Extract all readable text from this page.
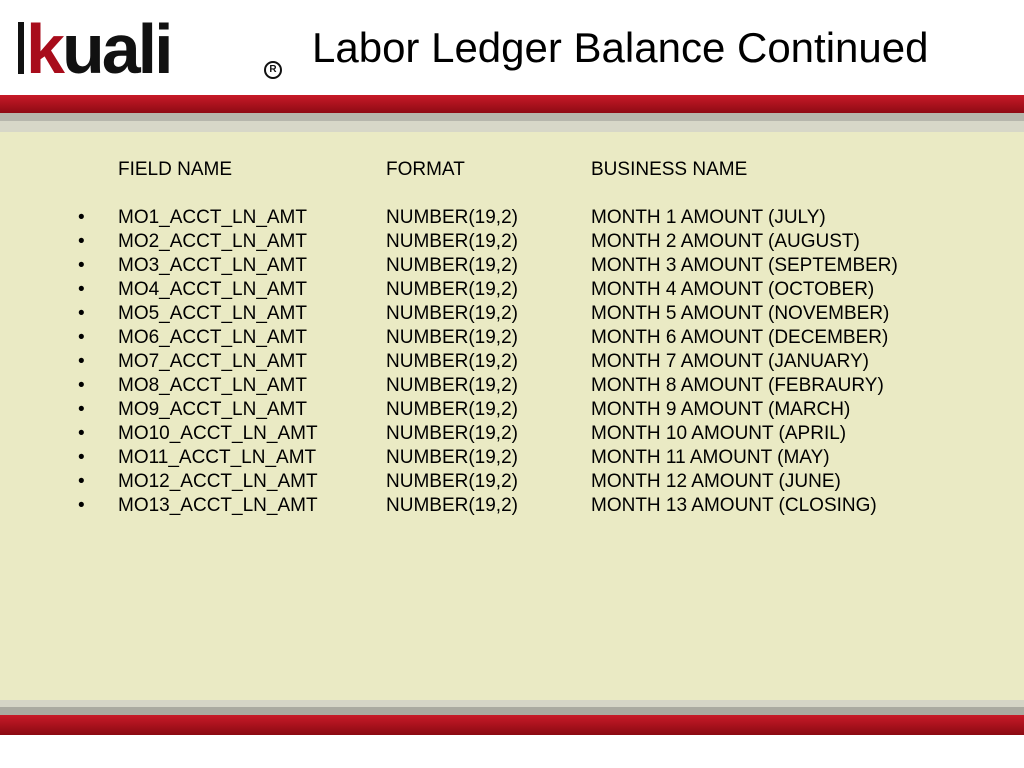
kuali	R Labor Ledger Balance Continued
FIELD NAME	FORMAT	BUSINESS NAME
• MO1_ACCT_LN_AMT	NUMBER(19,2)	MONTH 1 AMOUNT (JULY)
• MO2_ACCT_LN_AMT	NUMBER(19,2)	MONTH 2 AMOUNT (AUGUST)
• MO3_ACCT_LN_AMT	NUMBER(19,2)	MONTH 3 AMOUNT (SEPTEMBER)
• MO4_ACCT_LN_AMT	NUMBER(19,2)	MONTH 4 AMOUNT (OCTOBER)
• MO5_ACCT_LN_AMT	NUMBER(19,2)	MONTH 5 AMOUNT (NOVEMBER)
• MO6_ACCT_LN_AMT	NUMBER(19,2)	MONTH 6 AMOUNT (DECEMBER)
• MO7_ACCT_LN_AMT	NUMBER(19,2)	MONTH 7 AMOUNT (JANUARY)
• MO8_ACCT_LN_AMT	NUMBER(19,2)	MONTH 8 AMOUNT (FEBRAURY)
• MO9_ACCT_LN_AMT	NUMBER(19,2)	MONTH 9 AMOUNT (MARCH)
• MO10_ACCT_LN_AMT	NUMBER(19,2)	MONTH 10 AMOUNT (APRIL)
• MO11_ACCT_LN_AMT	NUMBER(19,2)	MONTH 11 AMOUNT (MAY)
• MO12_ACCT_LN_AMT	NUMBER(19,2)	MONTH 12 AMOUNT (JUNE)
• MO13_ACCT_LN_AMT	NUMBER(19,2)	MONTH 13 AMOUNT (CLOSING)
